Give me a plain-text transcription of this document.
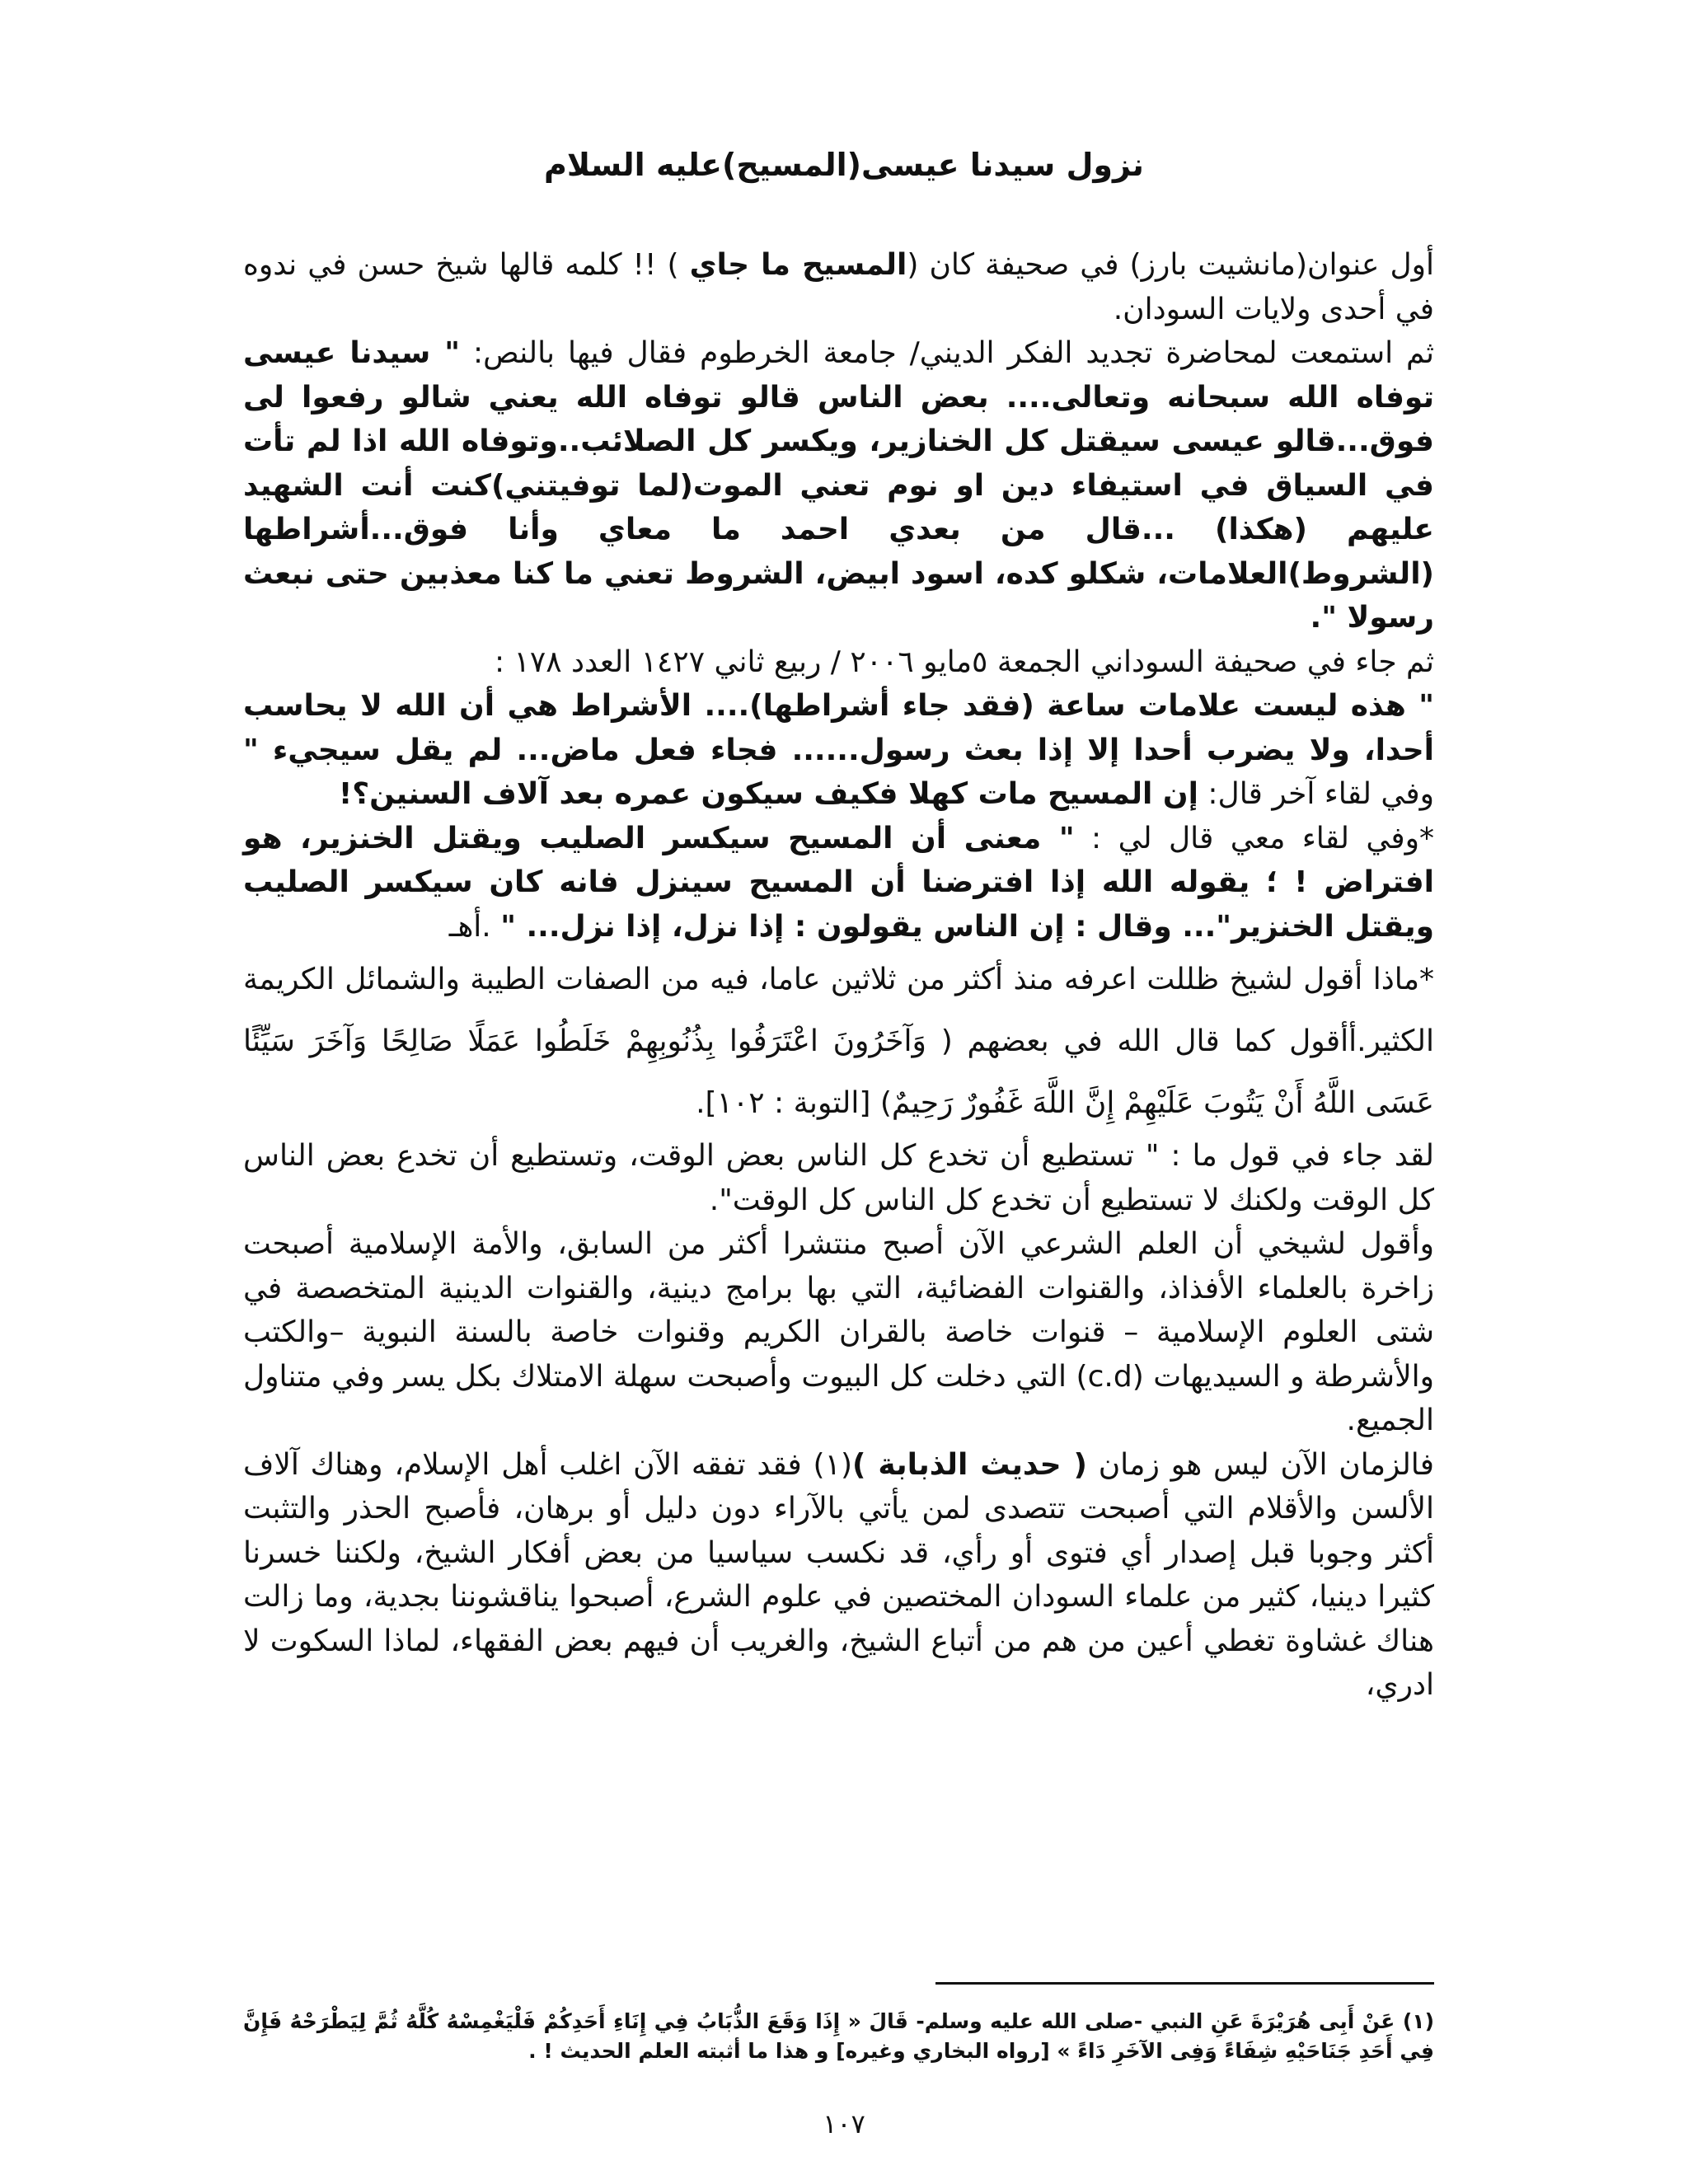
نزول سيدنا عيسى(المسيح)عليه السلام

أول عنوان(مانشيت بارز) في صحيفة كان (المسيح ما جاي ) !! كلمه قالها شيخ حسن في ندوه في أحدى ولايات السودان.

ثم استمعت لمحاضرة تجديد الفكر الديني/ جامعة الخرطوم فقال فيها بالنص: " سيدنا عيسى توفاه الله سبحانه وتعالى.... بعض الناس قالو توفاه الله يعني شالو رفعوا لى فوق...قالو عيسى سيقتل كل الخنازير، ويكسر كل الصلائب..وتوفاه الله اذا لم تأت في السياق في استيفاء دين او نوم تعني الموت(لما توفيتني)كنت أنت الشهيد عليهم (هكذا) ...قال من بعدي احمد ما معاي وأنا فوق...أشراطها (الشروط)العلامات، شكلو كده، اسود ابيض، الشروط تعني ما كنا معذبين حتى نبعث رسولا ".

ثم جاء في صحيفة السوداني الجمعة ٥مايو ٢٠٠٦ / ربيع ثاني ١٤٢٧ العدد ١٧٨ :
" هذه ليست علامات ساعة (فقد جاء أشراطها).... الأشراط هي أن الله لا يحاسب أحدا، ولا يضرب أحدا إلا إذا بعث رسول...... فجاء فعل ماض... لم يقل سيجيء " وفي لقاء آخر قال: إن المسيح مات كهلا فكيف سيكون عمره بعد آلاف السنين؟!

*وفي لقاء معي قال لي : " معنى أن المسيح سيكسر الصليب ويقتل الخنزير، هو افتراض ! ؛ يقوله الله إذا افترضنا أن المسيح سينزل فانه كان سيكسر الصليب ويقتل الخنزير"... وقال : إن الناس يقولون : إذا نزل، إذا نزل... " .أهـ

*ماذا أقول لشيخ ظللت اعرفه منذ أكثر من ثلاثين عاما، فيه من الصفات الطيبة والشمائل الكريمة الكثير.أأقول كما قال الله في بعضهم ( وَآخَرُونَ اعْتَرَفُوا بِذُنُوبِهِمْ خَلَطُوا عَمَلًا صَالِحًا وَآخَرَ سَيِّئًا عَسَى اللَّهُ أَنْ يَتُوبَ عَلَيْهِمْ إِنَّ اللَّهَ غَفُورٌ رَحِيمٌ) [التوبة : ١٠٢].

لقد جاء في قول ما : " تستطيع أن تخدع كل الناس بعض الوقت، وتستطيع أن تخدع بعض الناس كل الوقت ولكنك لا تستطيع أن تخدع كل الناس كل الوقت".

وأقول لشيخي أن العلم الشرعي الآن أصبح منتشرا أكثر من السابق، والأمة الإسلامية أصبحت زاخرة بالعلماء الأفذاذ، والقنوات الفضائية، التي بها برامج دينية، والقنوات الدينية المتخصصة في شتى العلوم الإسلامية – قنوات خاصة بالقران الكريم وقنوات خاصة بالسنة النبوية –والكتب والأشرطة و السيديهات (c.d) التي دخلت كل البيوت وأصبحت سهلة الامتلاك بكل يسر وفي متناول الجميع.

فالزمان الآن ليس هو زمان ( حديث الذبابة )(١) فقد تفقه الآن اغلب أهل الإسلام، وهناك آلاف الألسن والأقلام التي أصبحت تتصدى لمن يأتي بالآراء دون دليل أو برهان، فأصبح الحذر والتثبت أكثر وجوبا قبل إصدار أي فتوى أو رأي، قد نكسب سياسيا من بعض أفكار الشيخ، ولكننا خسرنا كثيرا دينيا، كثير من علماء السودان المختصين في علوم الشرع، أصبحوا يناقشوننا بجدية، وما زالت هناك غشاوة تغطي أعين من هم من أتباع الشيخ، والغريب أن فيهم بعض الفقهاء، لماذا السكوت لا ادري،

(١) عَنْ أَبِى هُرَيْرَةَ عَنِ النبي -صلى الله عليه وسلم- قَالَ « إِذَا وَقَعَ الذُّبَابُ فِي إِنَاءِ أَحَدِكُمْ فَلْيَغْمِسْهُ كُلَّهُ ثُمَّ لِيَطْرَحْهُ فَإِنَّ فِي أَحَدِ جَنَاحَيْهِ شِفَاءً وَفِى الآخَرِ دَاءً » [رواه البخاري وغيره] و هذا ما أثبته العلم الحديث ! .
١٠٧
